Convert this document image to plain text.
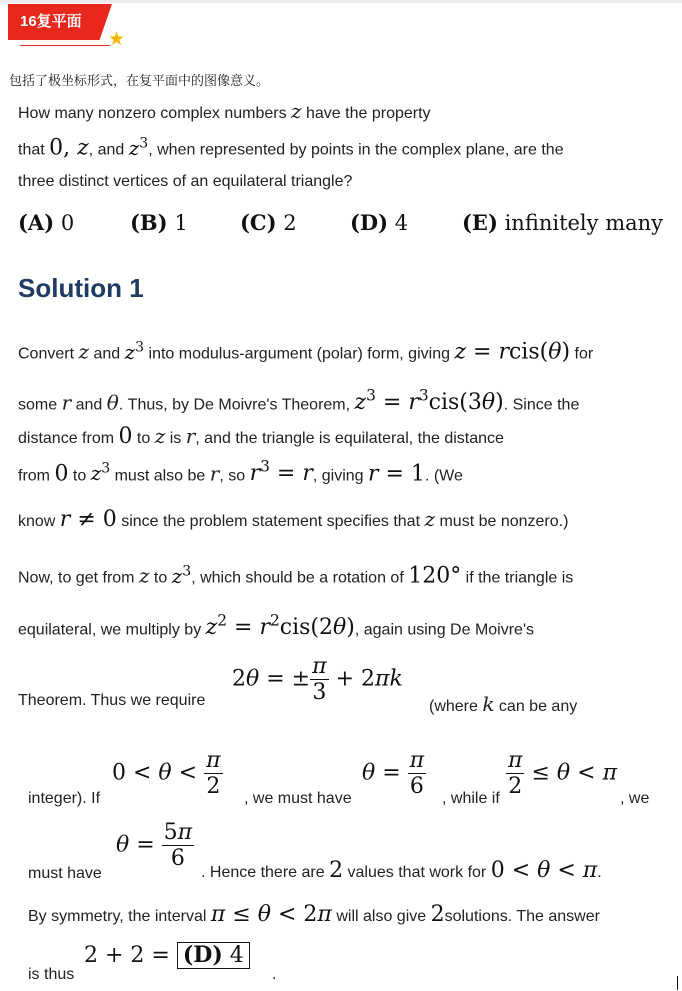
16复平面
★
包括了极坐标形式，在复平面中的图像意义。
How many nonzero complex numbers z have the property
that 0, z, and $z^3$, when represented by points in the complex plane, are the
three distinct vertices of an equilateral triangle?
(A) 0	(B) 1 (C) 2	(D) 4	(E) infinitely many
Solution 1
Convert z and $z^3$ into modulus-argument (polar) form, giving z = rcis(θ) for
some r and θ. Thus, by De Moivre's Theorem, $z^3 = r^3cis(3\theta)$. Since the
distance from 0 to z is r, and the triangle is equilateral, the distance
from 0 to $z^3$ must also be r, so $r^3 = r$, giving r = 1. (We
know r ≠ 0 since the problem statement specifies that z must be nonzero.)
Now, to get from z to $z^3$, which should be a rotation of 120° if the triangle is
equilateral, we multiply by $z^2 = r^2cis(2\theta)$, again using De Moivre's
Theorem. Thus we require
2θ = ± $\frac{\pi}{3} + 2\pi k$
(where k can be any
integer). If
$0 < \theta < \frac{\pi}{2}$ , we must have
$\theta = \frac{\pi}{6}$ , while if $\frac{\pi}{2} \le \theta < \pi$
, we
must have
$\theta = \frac{5\pi}{6}$
. Hence there are 2 values that work for 0 < θ < π.
By symmetry, the interval π ≤ θ < 2π will also give 2solutions. The answer
is thus
2 + 2 = (D) 4
.
